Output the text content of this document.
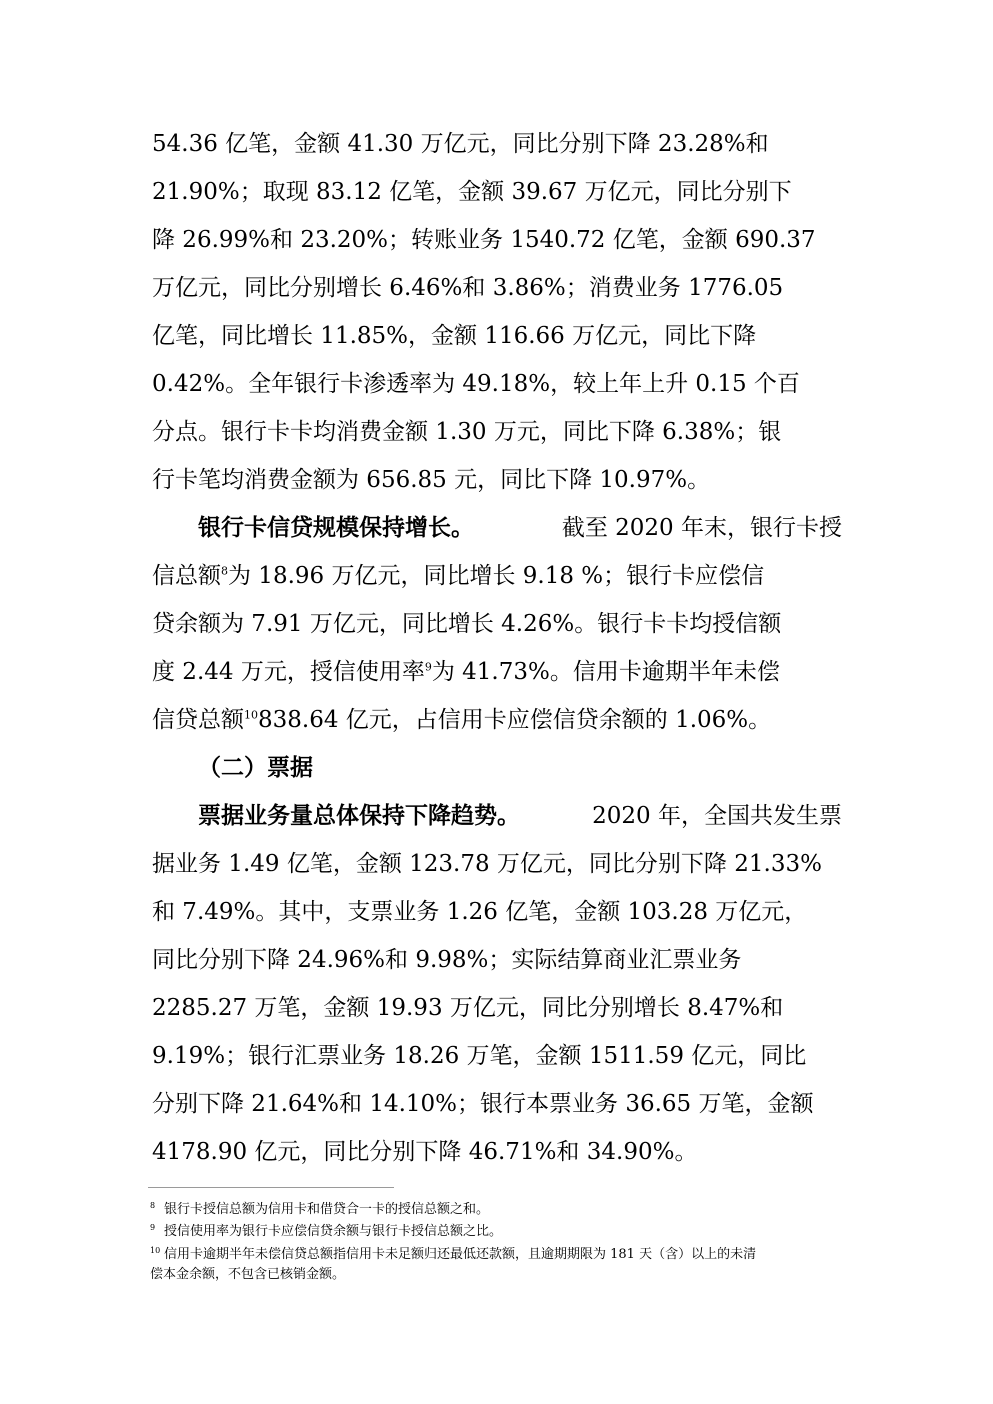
54.36 亿笔，金额 41.30 万亿元，同比分别下降 23.28%和
21.90%；取现 83.12 亿笔，金额 39.67 万亿元，同比分别下
降 26.99%和 23.20%；转账业务 1540.72 亿笔，金额 690.37
万亿元，同比分别增长 6.46%和 3.86%；消费业务 1776.05
亿笔，同比增长 11.85%，金额 116.66 万亿元，同比下降
0.42%。全年银行卡渗透率为 49.18%，较上年上升 0.15 个百
分点。银行卡卡均消费金额 1.30 万元，同比下降 6.38%；银
行卡笔均消费金额为 656.85 元，同比下降 10.97%。
银行卡信贷规模保持增长。	截至 2020 年末，银行卡授
信总额$^8$为 18.96 万亿元，同比增长 9.18 %；银行卡应偿信
贷余额为 7.91 万亿元，同比增长 4.26%。银行卡卡均授信额
度 2.44 万元，授信使用率$^9$为 41.73%。信用卡逾期半年未偿
信贷总额$^{10}$838.64 亿元，占信用卡应偿信贷余额的 1.06%。
（二）票据
票据业务量总体保持下降趋势。	2020 年，全国共发生票
据业务 1.49 亿笔，金额 123.78 万亿元，同比分别下降 21.33%
和 7.49%。其中，支票业务 1.26 亿笔，金额 103.28 万亿元，
同比分别下降 24.96%和 9.98%；实际结算商业汇票业务
2285.27 万笔，金额 19.93 万亿元，同比分别增长 8.47%和
9.19%；银行汇票业务 18.26 万笔，金额 1511.59 亿元，同比
分别下降 21.64%和 14.10%；银行本票业务 36.65 万笔，金额
4178.90 亿元，同比分别下降 46.71%和 34.90%。
$^8$ 银行卡授信总额为信用卡和借贷合一卡的授信总额之和。
$^9$ 授信使用率为银行卡应偿信贷余额与银行卡授信总额之比。
$^{10}$ 信用卡逾期半年未偿信贷总额指信用卡未足额归还最低还款额，且逾期期限为 181 天（含）以上的未清
偿本金余额，不包含已核销金额。
